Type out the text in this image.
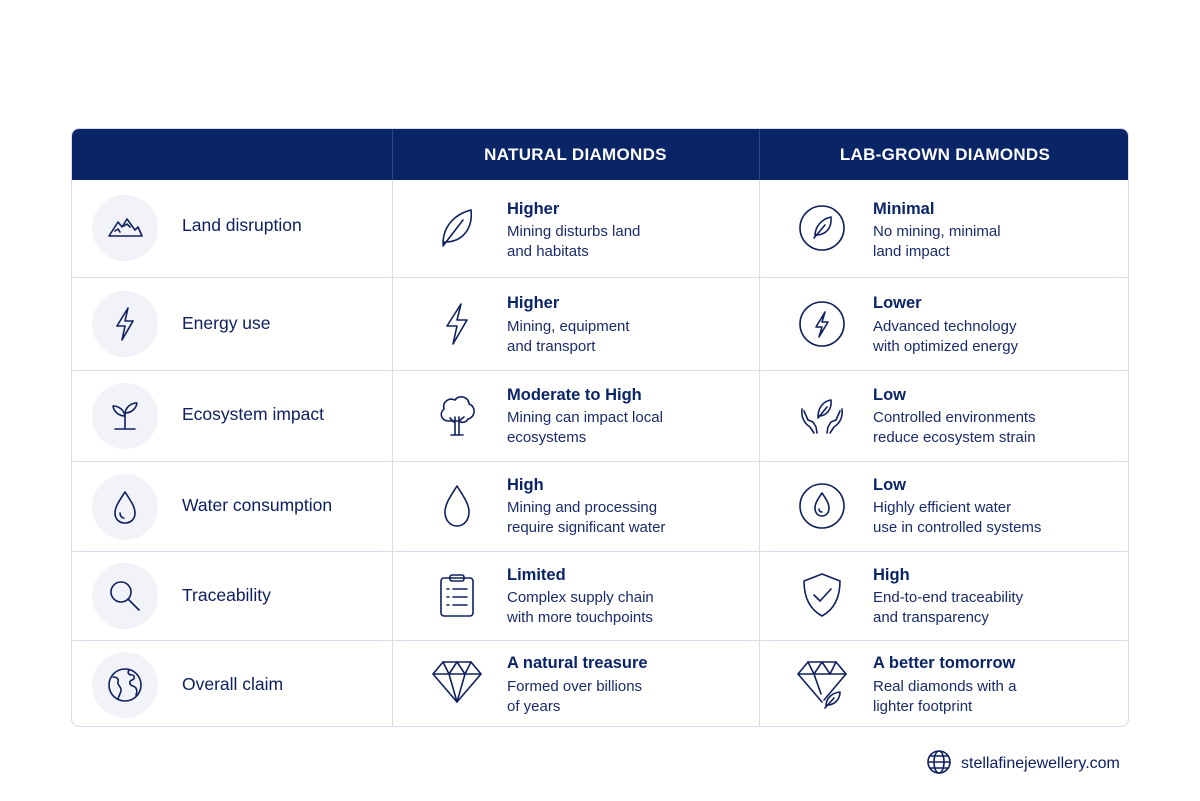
NATURAL DIAMONDS	LAB-GROWN DIAMONDS
Land disruption
Higher
Mining disturbs land
and habitats
Minimal
No mining, minimal
land impact
Energy use
Higher
Mining, equipment
and transport
Lower
Advanced technology
with optimized energy
Ecosystem impact
Moderate to High
Mining can impact local
ecosystems
Low
Controlled environments
reduce ecosystem strain
Water consumption
High
Mining and processing
require significant water
Low
Highly efficient water
use in controlled systems
Traceability
Limited
Complex supply chain
with more touchpoints
High
End-to-end traceability
and transparency
Overall claim
A natural treasure
Formed over billions
of years
A better tomorrow
Real diamonds with a
lighter footprint
stellafinejewellery.com
